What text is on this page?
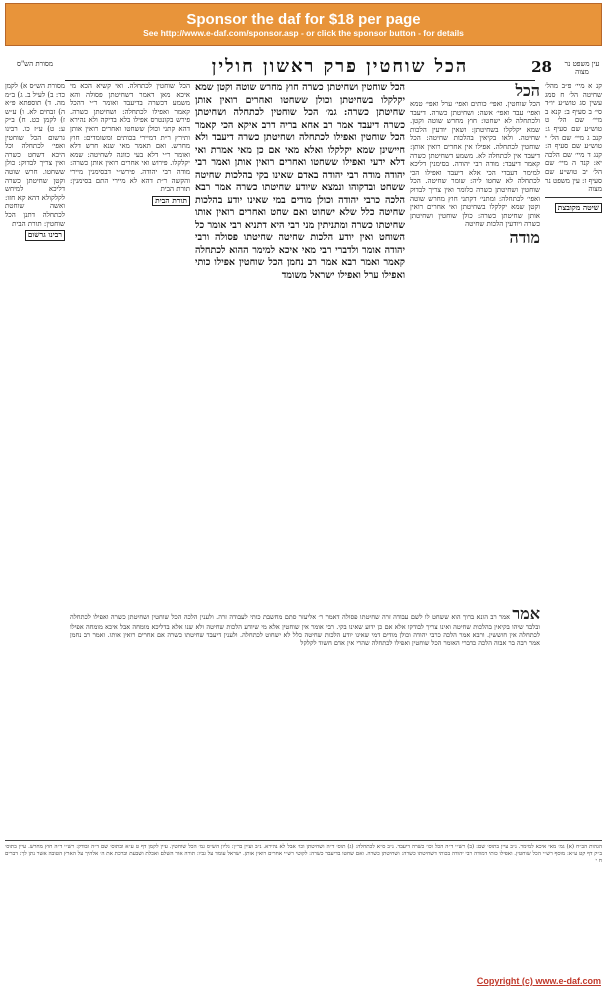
Sponsor the daf for $18 per page
See http://www.e-daf.com/sponsor.asp - or click the sponsor button - for details
עין משפט נר מצוה
28
הכל שוחטין פרק ראשון חולין
מסורת הש"ס
קנ א מיי׳ פ״ב מהל׳ שחיטה הל׳ ח סמג עשין סג טוש״ע יו״ד סי׳ ב סעיף ב: קנא ב מיי׳ שם הל׳ ט טוש״ע שם סעיף ג: קנב ג מיי׳ שם הל׳ י טוש״ע שם סעיף ה: קנג ד מיי׳ שם הלכה יא: קנד ה מיי׳ שם הל׳ יב טוש״ע שם סעיף ז: עין משפט נר מצוה
שיטה מקובצת
הכל
הכל שוחטין. ואפי׳ כותים ואפי׳ ערל ואפי׳ טמא ואפי׳ עבד ואפי׳ אשה: ושחיטתן כשרה. דיעבד ולכתחלה לא ישחטו: חוץ מחרש שוטה וקטן. שמא יקלקלו בשחיטתן: ושאין יודעין הלכות שחיטה. ולאו בקיאין בהלכות שחיטה: הכל שוחטין לכתחלה. אפילו אין אחרים רואין אותן: דיעבד אין לכתחלה לא. משמע דשחיטתן כשרה קאמר דיעבד: מודה רבי יהודה. בסימנין דליכא למימר דעבדי הכי אלא דיעבד ואפילו הכי לכתחלה לא שחטו ליה: שומר שחיטה. הכל שוחטין ושחיטתן כשרה כלומר ואין צריך לבדוק ואפי׳ לכתחלה: ומתני׳ דקתני חוץ מחרש שוטה וקטן שמא יקלקלו בשחיטתן ואי אחרים רואין אותן שחיטתן כשרה: כולן שוחטין ושחיטתן כשרה ויודעין הלכות שחיטה
מודה
הכל שוחטין ושחיטתן כשרה חוץ מחרש שוטה וקטן שמא יקלקלו בשחיטתן וכולן ששחטו ואחרים רואין אותן שחיטתן כשרה: גמ׳ הכל שוחטין לכתחלה ושחיטתן כשרה דיעבד אמר רב אחא בריה דרב איקא הכי קאמר הכל שוחטין ואפילו לכתחלה ושחיטתן כשרה דיעבד ולא חיישינן שמא יקלקלו ואלא מאי אם כן מאי אמרת ואי דלא ידעי ואפילו ששחטו ואחרים רואין אותן ואמר רבי יהודה מודה רבי יהודה באדם שאינו בקי בהלכות שחיטה ששחט ובדקוהו ונמצא שיודע שחיטתו כשרה אמר רבא הלכה כרבי יהודה וכולן מודים במי שאינו יודע בהלכות שחיטה כלל שלא ישחוט ואם שחט ואחרים רואין אותו שחיטתו כשרה ומתניתין מני רבי היא דתניא רבי אומר כל השוחט ואין יודע הלכות שחיטה שחיטתו פסולה ורבי יהודה אומר ולדברי רבי מאי איכא למימר ההוא לכתחלה קאמר ואמר רבא אמר רב נחמן הכל שוחטין אפילו כותי ואפילו ערל ואפילו ישראל משומד
הכל שוחטין לכתחלה. ואי קשיא הכא מי איכא מאן דאמר דשחיטתן פסולה והא משמע דכשרה בדיעבד ואומר ר״י דהכל קאמר ואפילו לכתחלה: ושחיטתן כשרה. פירש בקונטרס אפילו בלא בדיקה ולא נהירא דהא קתני וכולן ששחטו ואחרים רואין אותן ותירץ ר״ת דמיירי בכותים ומשומדים: חוץ מחרש. ואם תאמר מאי שנא חרש דלא ואומר ר״י דלא בעי כוונה לשחיטה: שמא יקלקלו. פירוש ואי אחרים רואין אותן כשרה: מודה רבי יהודה. פירש״י דבסימנין מיירי והקשה ר״ת דהא לא מיירי התם בסימנין: תורת הבית
תורת הבית
מסורת הש״ס א) לקמן כד: ב) לעיל ב. ג) ב״מ מה. ד) תוספתא פ״א ה) זבחים לא. ו) ע״ש ז) לקמן כט. ח) ב״ק ע: ט) ע״ז כו. רבינו גרשום הכל שוחטין ואפי׳ לכתחלה וכל היכא דשחט כשרה ואין צריך לבדוק: כולן ששחטו. חרש שוטה וקטן שחיטתן כשרה דליכא למיחש לקלקולא דהא קא חזו: ואשה שוחטת לכתחלה דתנן הכל שוחטין: תורת הבית
רבינו גרשום
אמר אמר רב הונא ברוך הוא ששחט לו לשם עבודה זרה שחיטתו פסולה דאמר ר׳ אליעזר סתם מחשבת כותי לעבודה זרה. ולענין הלכה הכל שוחטין ושחיטתן כשרה ואפילו לכתחלה ובלבד שיהו בקיאין בהלכות שחיטה ואינו צריך לבודקו אלא אם כן ידוע שאינו בקי. רבי אומר אין שוחטין אלא מי שיודע הלכות שחיטה ולא שנו אלא בדליכא מומחה אבל איכא מומחה אפילו לכתחלה אין חוששין. ורבא אמר הלכה כרבי יהודה וכולן מודים דמי שאינו יודע הלכות שחיטה כלל לא ישחוט לכתחלה. ולענין דיעבד שחיטתו כשרה אם אחרים רואין אותו. ואמר רב נחמן אמר רבה בר אבוה הלכה כדברי האומר הכל שוחטין ואפילו לכתחלה שהרי אין אדם חשוד לקלקל
הגהות הב״ח (א) גמ׳ מאי איכא למימר. נ״ב עיין בתוס׳ שם: (ב) רש״י ד״ה הכל וכו׳ כשרה דיעבד. נ״ב ס״א לכתחלה: (ג) תוס׳ ד״ה ושחיטתן וכו׳ אבל לא נהירא. נ״ב ועיין בר״ן: גליון הש״ס גמ׳ הכל שוחטין. עיין לקמן דף ט ע״א ובתוס׳ שם ד״ה ובודק: רש״י ד״ה חוץ מחרש. עיין בתוס׳ ב״ק דף קט ע״א: מוסף רש״י הכל שוחטין. ואפילו כותי דמודה רבי יהודה בכותי דשחיטתו כשרה: ושחיטתן כשרה. ואם שחטו בדיעבד כשרה: לקוטי רש״י אחרים רואין אותן. ישראל עומד על גביו: תורה אור השלם ואכלת ושבעת וברכת את ה׳ אלהיך על הארץ הטובה אשר נתן לך: דברים ח י
Copyright (c) www.e-daf.com
